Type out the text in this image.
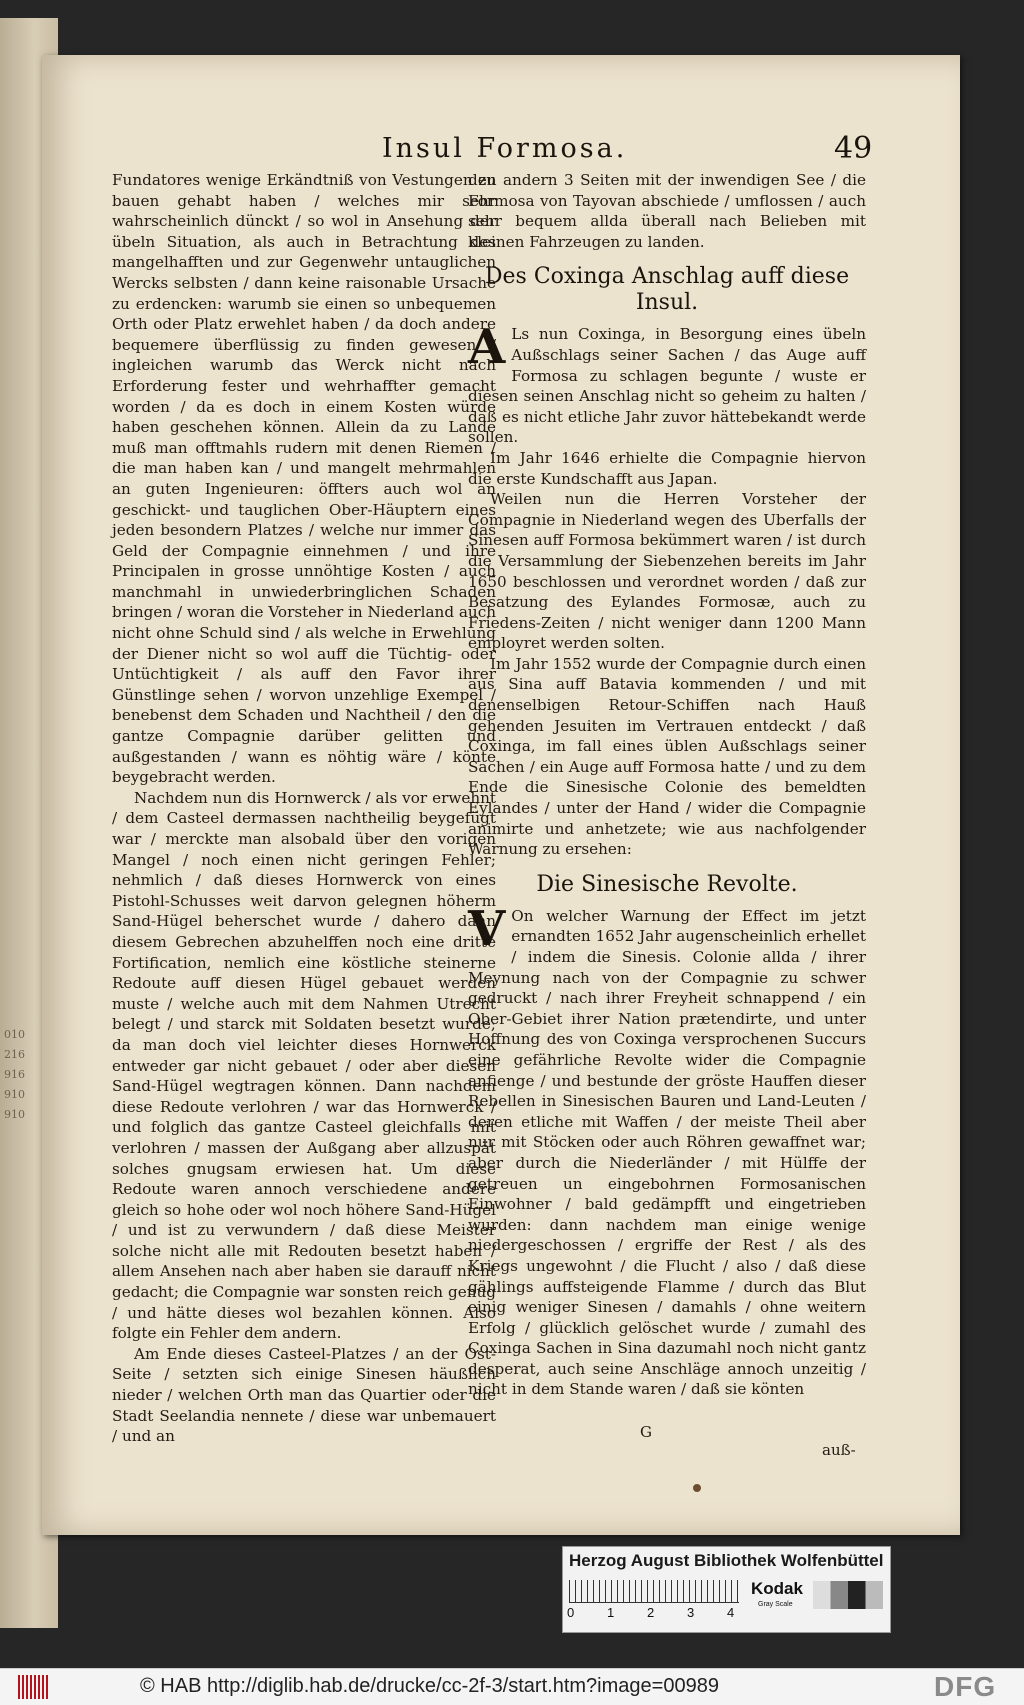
010
216
916
910
910
Insul Formosa.	49

Fundatores wenige Erkändtniß von Vestungen zu bauen gehabt haben / welches mir sehr wahrscheinlich dünckt / so wol in Ansehung der übeln Situation, als auch in Betrachtung des mangelhafften und zur Gegenwehr untauglichen Wercks selbsten / dann keine raisonable Ursache zu erdencken: warumb sie einen so unbequemen Orth oder Platz erwehlet haben / da doch andere bequemere überflüssig zu finden gewesen / ingleichen warumb das Werck nicht nach Erforderung fester und wehrhaffter gemacht worden / da es doch in einem Kosten würde haben geschehen können. Allein da zu Lande muß man offtmahls rudern mit denen Riemen / die man haben kan / und mangelt mehrmahlen an guten Ingenieuren: öffters auch wol an geschickt- und tauglichen Ober-Häuptern eines jeden besondern Platzes / welche nur immer das Geld der Compagnie einnehmen / und ihre Principalen in grosse unnöhtige Kosten / auch manchmahl in unwiederbringlichen Schaden bringen / woran die Vorsteher in Niederland auch nicht ohne Schuld sind / als welche in Erwehlung der Diener nicht so wol auff die Tüchtig- oder Untüchtigkeit / als auff den Favor ihrer Günstlinge sehen / worvon unzehlige Exempel / benebenst dem Schaden und Nachtheil / den die gantze Compagnie darüber gelitten und außgestanden / wann es nöhtig wäre / könte beygebracht werden.

Nachdem nun dis Hornwerck / als vor erwehnt / dem Casteel dermassen nachtheilig beygefügt war / merckte man alsobald über den vorigen Mangel / noch einen nicht geringen Fehler; nehmlich / daß dieses Hornwerck von eines Pistohl-Schusses weit darvon gelegnen höherm Sand-Hügel beherschet wurde / dahero dann diesem Gebrechen abzuhelffen noch eine dritte Fortification, nemlich eine köstliche steinerne Redoute auff diesen Hügel gebauet werden muste / welche auch mit dem Nahmen Utrecht belegt / und starck mit Soldaten besetzt wurde; da man doch viel leichter dieses Hornwerck entweder gar nicht gebauet / oder aber diesen Sand-Hügel wegtragen können. Dann nachdem diese Redoute verlohren / war das Hornwerck / und folglich das gantze Casteel gleichfalls mit verlohren / massen der Außgang aber allzuspät solches gnugsam erwiesen hat. Um diese Redoute waren annoch verschiedene andere gleich so hohe oder wol noch höhere Sand-Hügel / und ist zu verwundern / daß diese Meister solche nicht alle mit Redouten besetzt haben / allem Ansehen nach aber haben sie darauff nicht gedacht; die Compagnie war sonsten reich genug / und hätte dieses wol bezahlen können. Also folgte ein Fehler dem andern.

Am Ende dieses Casteel-Platzes / an der Ost-Seite / setzten sich einige Sinesen häußlich nieder / welchen Orth man das Quartier oder die Stadt Seelandia nennete / diese war unbemauert / und an

den andern 3 Seiten mit der inwendigen See / die Formosa von Tayovan abschiede / umflossen / auch sehr bequem allda überall nach Belieben mit kleinen Fahrzeugen zu landen.

Des Coxinga Anschlag auff diese Insul.

A Ls nun Coxinga, in Besorgung eines übeln Außschlags seiner Sachen / das Auge auff Formosa zu schlagen begunte / wuste er diesen seinen Anschlag nicht so geheim zu halten / daß es nicht etliche Jahr zuvor hättebekandt werde sollen.

Im Jahr 1646 erhielte die Compagnie hiervon die erste Kundschafft aus Japan.

Weilen nun die Herren Vorsteher der Compagnie in Niederland wegen des Uberfalls der Sinesen auff Formosa bekümmert waren / ist durch die Versammlung der Siebenzehen bereits im Jahr 1650 beschlossen und verordnet worden / daß zur Besatzung des Eylandes Formosæ, auch zu Friedens-Zeiten / nicht weniger dann 1200 Mann employret werden solten.

Im Jahr 1552 wurde der Compagnie durch einen aus Sina auff Batavia kommenden / und mit denenselbigen Retour-Schiffen nach Hauß gehenden Jesuiten im Vertrauen entdeckt / daß Coxinga, im fall eines üblen Außschlags seiner Sachen / ein Auge auff Formosa hatte / und zu dem Ende die Sinesische Colonie des bemeldten Eylandes / unter der Hand / wider die Compagnie animirte und anhetzete; wie aus nachfolgender Warnung zu ersehen:

Die Sinesische Revolte.

V On welcher Warnung der Effect im jetzt ernandten 1652 Jahr augenscheinlich erhellet / indem die Sinesis. Colonie allda / ihrer Meynung nach von der Compagnie zu schwer gedruckt / nach ihrer Freyheit schnappend / ein Ober-Gebiet ihrer Nation prætendirte, und unter Hoffnung des von Coxinga versprochenen Succurs eine gefährliche Revolte wider die Compagnie anfienge / und bestunde der gröste Hauffen dieser Rebellen in Sinesischen Bauren und Land-Leuten / deren etliche mit Waffen / der meiste Theil aber nur mit Stöcken oder auch Röhren gewaffnet war; aber durch die Niederländer / mit Hülffe der getreuen un eingebohrnen Formosanischen Einwohner / bald gedämpfft und eingetrieben wurden: dann nachdem man einige wenige niedergeschossen / ergriffe der Rest / als des Kriegs ungewohnt / die Flucht / also / daß diese gählings auffsteigende Flamme / durch das Blut einig weniger Sinesen / damahls / ohne weitern Erfolg / glücklich gelöschet wurde / zumahl des Coxinga Sachen in Sina dazumahl noch nicht gantz desperat, auch seine Anschläge annoch unzeitig / nicht in dem Stande waren / daß sie könten

G
auß-
Herzog August Bibliothek Wolfenbüttel
0	1	2	3	4
Kodak
Gray Scale
© HAB http://diglib.hab.de/drucke/cc-2f-3/start.htm?image=00989	DFG
